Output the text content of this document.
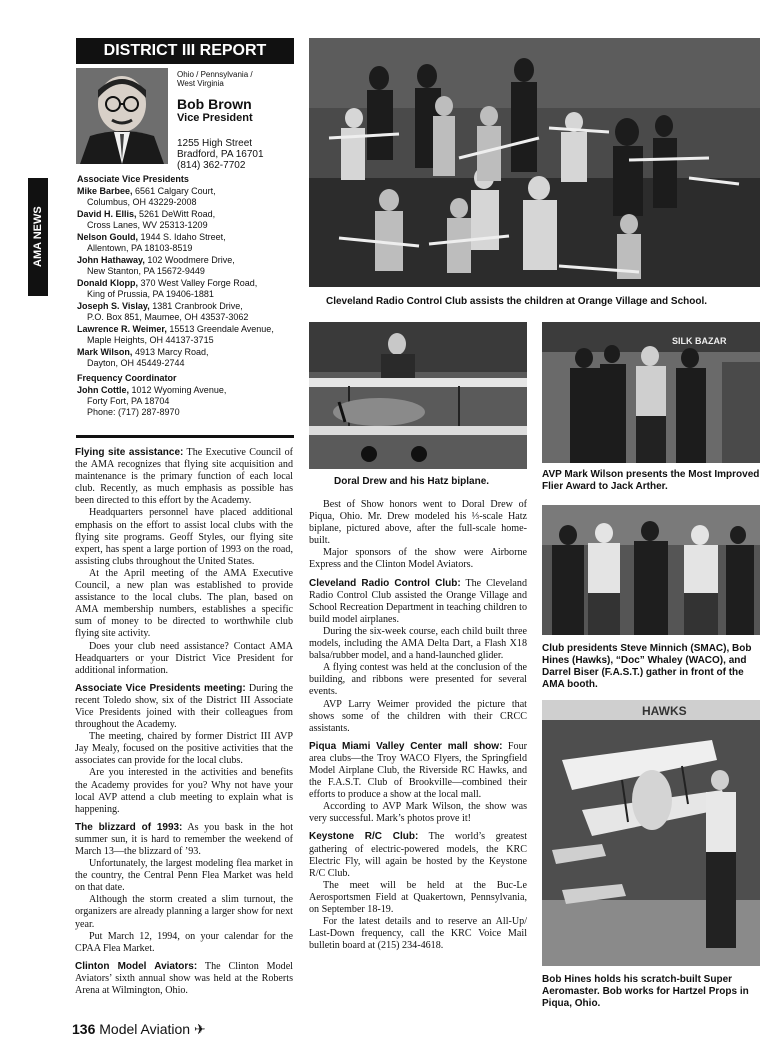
AMA NEWS
DISTRICT III REPORT
Ohio / Pennsylvania /
West Virginia
Bob Brown
Vice President
1255 High Street
Bradford, PA 16701
(814) 362-7702
Associate Vice Presidents
Mike Barbee, 6561 Calgary Court,
Columbus, OH 43229-2008
David H. Ellis, 5261 DeWitt Road,
Cross Lanes, WV 25313-1209
Nelson Gould, 1944 S. Idaho Street,
Allentown, PA 18103-8519
John Hathaway, 102 Woodmere Drive,
New Stanton, PA 15672-9449
Donald Klopp, 370 West Valley Forge Road,
King of Prussia, PA 19406-1881
Joseph S. Vislay, 1381 Cranbrook Drive,
P.O. Box 851, Maumee, OH 43537-3062
Lawrence R. Weimer, 15513 Greendale Avenue,
Maple Heights, OH 44137-3715
Mark Wilson, 4913 Marcy Road,
Dayton, OH 45449-2744
Frequency Coordinator
John Cottle, 1012 Wyoming Avenue,
Forty Fort, PA 18704
Phone: (717) 287-8970

Flying site assistance: The Executive Council of the AMA recognizes that flying site acquisition and maintenance is the primary function of each local club. Recently, as much emphasis as possible has been directed to this effort by the Academy.

Headquarters personnel have placed additional emphasis on the effort to assist local clubs with the flying site programs. Geoff Styles, our flying site expert, has spent a large portion of 1993 on the road, assisting clubs throughout the United States.

At the April meeting of the AMA Executive Council, a new plan was established to provide assistance to the local clubs. The plan, based on AMA membership numbers, establishes a specific sum of money to be directed to worthwhile club flying site activity.

Does your club need assistance? Contact AMA Headquarters or your District Vice President for additional information.

Associate Vice Presidents meeting: During the recent Toledo show, six of the District III Associate Vice Presidents joined with their colleagues from throughout the Academy.

The meeting, chaired by former District III AVP Jay Mealy, focused on the positive activities that the associates can provide for the local clubs.

Are you interested in the activities and benefits the Academy provides for you? Why not have your local AVP attend a club meeting to explain what is happening.

The blizzard of 1993: As you bask in the hot summer sun, it is hard to remember the weekend of March 13—the blizzard of ’93.

Unfortunately, the largest modeling flea market in the country, the Central Penn Flea Market was held on that date.

Although the storm created a slim turnout, the organizers are already planning a larger show for next year.

Put March 12, 1994, on your calendar for the CPAA Flea Market.

Clinton Model Aviators: The Clinton Model Aviators’ sixth annual show was held at the Roberts Arena at Wilmington, Ohio.

Cleveland Radio Control Club assists the children at Orange Village and School.
Doral Drew and his Hatz biplane.

Best of Show honors went to Doral Drew of Piqua, Ohio. Mr. Drew modeled his ⅓-scale Hatz biplane, pictured above, after the full-scale home-built.

Major sponsors of the show were Airborne Express and the Clinton Model Aviators.

Cleveland Radio Control Club: The Cleveland Radio Control Club assisted the Orange Village and School Recreation Department in teaching children to build model airplanes.

During the six-week course, each child built three models, including the AMA Delta Dart, a Flash X18 balsa/rubber model, and a hand-launched glider.

A flying contest was held at the conclusion of the building, and ribbons were presented for several events.

AVP Larry Weimer provided the picture that shows some of the children with their CRCC assistants.

Piqua Miami Valley Center mall show: Four area clubs—the Troy WACO Flyers, the Springfield Model Airplane Club, the Riverside RC Hawks, and the F.A.S.T. Club of Brookville—combined their efforts to produce a show at the local mall.

According to AVP Mark Wilson, the show was very successful. Mark’s photos prove it!

Keystone R/C Club: The world’s greatest gathering of electric-powered models, the KRC Electric Fly, will again be hosted by the Keystone R/C Club.

The meet will be held at the Buc-Le Aerosportsmen Field at Quakertown, Pennsylvania, on September 18-19.

For the latest details and to reserve an All-Up/ Last-Down frequency, call the KRC Voice Mail bulletin board at (215) 234-4618.

SILK BAZAR
AVP Mark Wilson presents the Most Improved Flier Award to Jack Arther.
Club presidents Steve Minnich (SMAC), Bob Hines (Hawks), “Doc” Whaley (WACO), and Darrel Biser (F.A.S.T.) gather in front of the AMA booth.
HAWKS
Bob Hines holds his scratch-built Super Aeromaster. Bob works for Hartzel Props in Piqua, Ohio.
136 Model Aviation ✈
